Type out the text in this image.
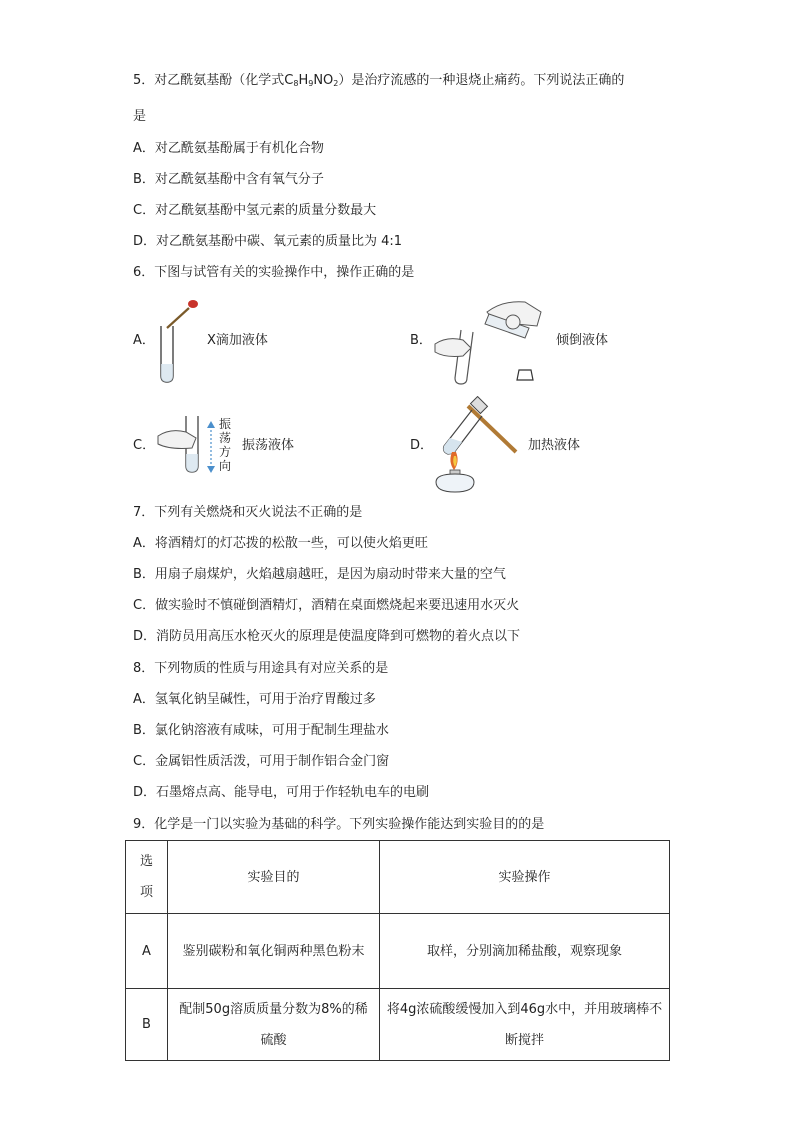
5．对乙酰氨基酚（化学式$C_8H_9NO_2$）是治疗流感的一种退烧止痛药。下列说法正确的
是
A．对乙酰氨基酚属于有机化合物
B．对乙酰氨基酚中含有氧气分子
C．对乙酰氨基酚中氢元素的质量分数最大
D．对乙酰氨基酚中碳、氧元素的质量比为 4:1
6．下图与试管有关的实验操作中，操作正确的是
A．	X滴加液体	B．	倾倒液体
C．
振荡方向
振荡液体	D．	加热液体
7．下列有关燃烧和灭火说法不正确的是
A．将酒精灯的灯芯拨的松散一些，可以使火焰更旺
B．用扇子扇煤炉，火焰越扇越旺，是因为扇动时带来大量的空气
C．做实验时不慎碰倒酒精灯，酒精在桌面燃烧起来要迅速用水灭火
D．消防员用高压水枪灭火的原理是使温度降到可燃物的着火点以下
8．下列物质的性质与用途具有对应关系的是
A．氢氧化钠呈碱性，可用于治疗胃酸过多
B．氯化钠溶液有咸味，可用于配制生理盐水
C．金属铝性质活泼，可用于制作铝合金门窗
D．石墨熔点高、能导电，可用于作轻轨电车的电刷
9．化学是一门以实验为基础的科学。下列实验操作能达到实验目的的是
选项	实验目的	实验操作
A	鉴别碳粉和氧化铜两种黑色粉末	取样，分别滴加稀盐酸，观察现象

B	配制50g溶质质量分数为8%的稀硫酸	将4g浓硫酸缓慢加入到46g水中，并用玻璃棒不断搅拌
